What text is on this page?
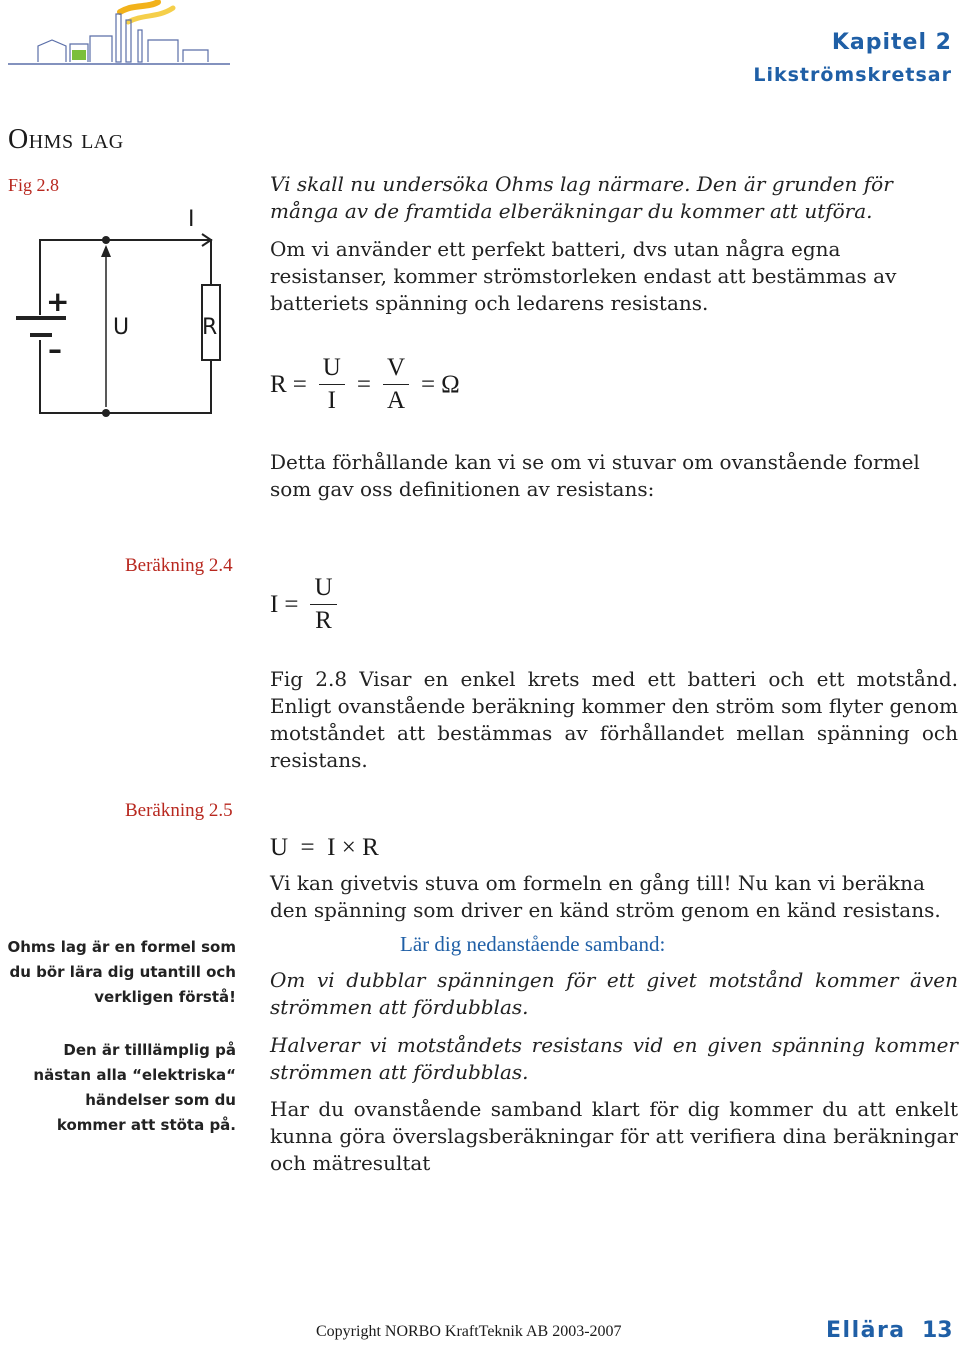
Kapitel 2
Likströmskretsar
Ohms lag
Fig 2.8
I
U	R
+
–
Vi skall nu undersöka Ohms lag närmare. Den är grunden för många av de framtida elberäkningar du kommer att utföra.
Om vi använder ett perfekt batteri, dvs utan några egna resistanser, kommer strömstorleken endast att bestämmas av batteriets spänning och ledarens resistans.
$R = \frac{U}{I} = \frac{V}{A} = \Omega$
Detta förhållande kan vi se om vi stuvar om ovanstående formel som gav oss definitionen av resistans:
Beräkning 2.4
$I = \frac{U}{R}$
Fig 2.8 Visar en enkel krets med ett batteri och ett motstånd. Enligt ovanstående beräkning kommer den ström som flyter genom motståndet att bestämmas av förhållandet mellan spänning och resistans.
Beräkning 2.5
U  =  I × R
Vi kan givetvis stuva om formeln en gång till! Nu kan vi beräkna den spänning som driver en känd ström genom en känd resistans.
Lär dig nedanstående samband:
Om vi dubblar spänningen för ett givet motstånd kommer även strömmen att fördubblas.
Halverar vi motståndets resistans vid en given spänning kommer strömmen att fördubblas.
Har du ovanstående samband klart för dig kommer du att enkelt kunna göra överslagsberäkningar för att verifiera dina beräkningar och mätresultat
Ohms lag är en formel som du bör lära dig utantill och verkligen förstå!
Den är tilllämplig på nästan alla “elektriska“ händelser som du kommer att stöta på.
Copyright NORBO KraftTeknik AB 2003-2007	Ellära 13
